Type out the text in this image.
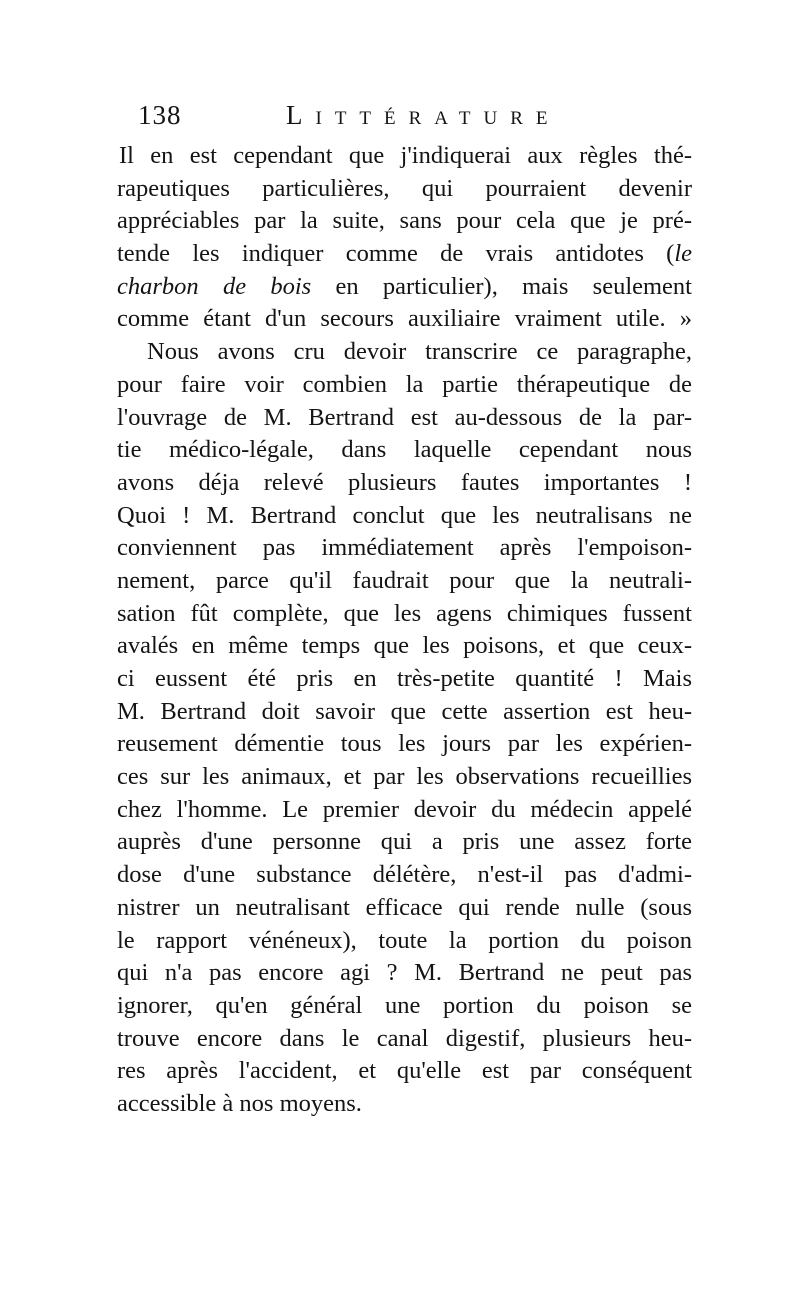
138	Littérature
Il en est cependant que j'indiquerai aux règles thé-
rapeutiques particulières, qui pourraient devenir
appréciables par la suite, sans pour cela que je pré-
tende les indiquer comme de vrais antidotes (le
charbon de bois en particulier), mais seulement
comme étant d'un secours auxiliaire vraiment utile. »
Nous avons cru devoir transcrire ce paragraphe,
pour faire voir combien la partie thérapeutique de
l'ouvrage de M. Bertrand est au-dessous de la par-
tie médico-légale, dans laquelle cependant nous
avons déja relevé plusieurs fautes importantes !
Quoi ! M. Bertrand conclut que les neutralisans ne
conviennent pas immédiatement après l'empoison-
nement, parce qu'il faudrait pour que la neutrali-
sation fût complète, que les agens chimiques fussent
avalés en même temps que les poisons, et que ceux-
ci eussent été pris en très-petite quantité ! Mais
M. Bertrand doit savoir que cette assertion est heu-
reusement démentie tous les jours par les expérien-
ces sur les animaux, et par les observations recueillies
chez l'homme. Le premier devoir du médecin appelé
auprès d'une personne qui a pris une assez forte
dose d'une substance délétère, n'est-il pas d'admi-
nistrer un neutralisant efficace qui rende nulle (sous
le rapport vénéneux), toute la portion du poison
qui n'a pas encore agi ? M. Bertrand ne peut pas
ignorer, qu'en général une portion du poison se
trouve encore dans le canal digestif, plusieurs heu-
res après l'accident, et qu'elle est par conséquent
accessible à nos moyens.
